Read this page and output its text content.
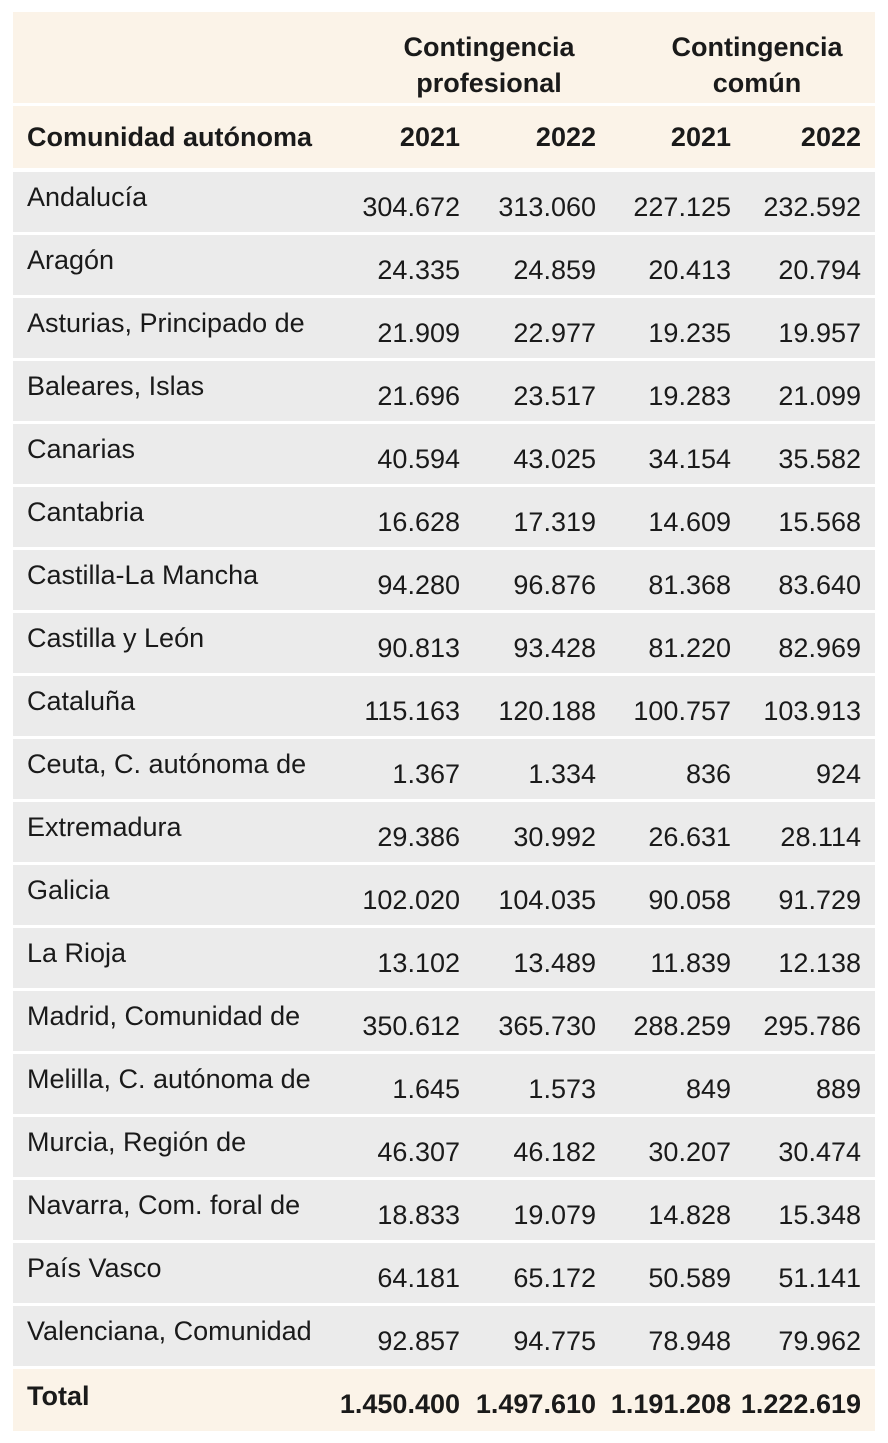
Contingencia profesional
Contingencia común
Comunidad autónoma	2021	2022	2021	2022
Andalucía	304.672	313.060	227.125	232.592
Aragón	24.335	24.859	20.413	20.794
Asturias, Principado de	21.909	22.977	19.235	19.957
Baleares, Islas	21.696	23.517	19.283	21.099
Canarias	40.594	43.025	34.154	35.582
Cantabria	16.628	17.319	14.609	15.568
Castilla-La Mancha	94.280	96.876	81.368	83.640
Castilla y León	90.813	93.428	81.220	82.969
Cataluña	115.163	120.188	100.757	103.913
Ceuta, C. autónoma de	1.367	1.334	836	924
Extremadura	29.386	30.992	26.631	28.114
Galicia	102.020	104.035	90.058	91.729
La Rioja	13.102	13.489	11.839	12.138
Madrid, Comunidad de	350.612	365.730	288.259	295.786
Melilla, C. autónoma de	1.645	1.573	849	889
Murcia, Región de	46.307	46.182	30.207	30.474
Navarra, Com. foral de	18.833	19.079	14.828	15.348
País Vasco	64.181	65.172	50.589	51.141
Valenciana, Comunidad	92.857	94.775	78.948	79.962
Total	1.450.400 1.497.610 1.191.208 1.222.619
